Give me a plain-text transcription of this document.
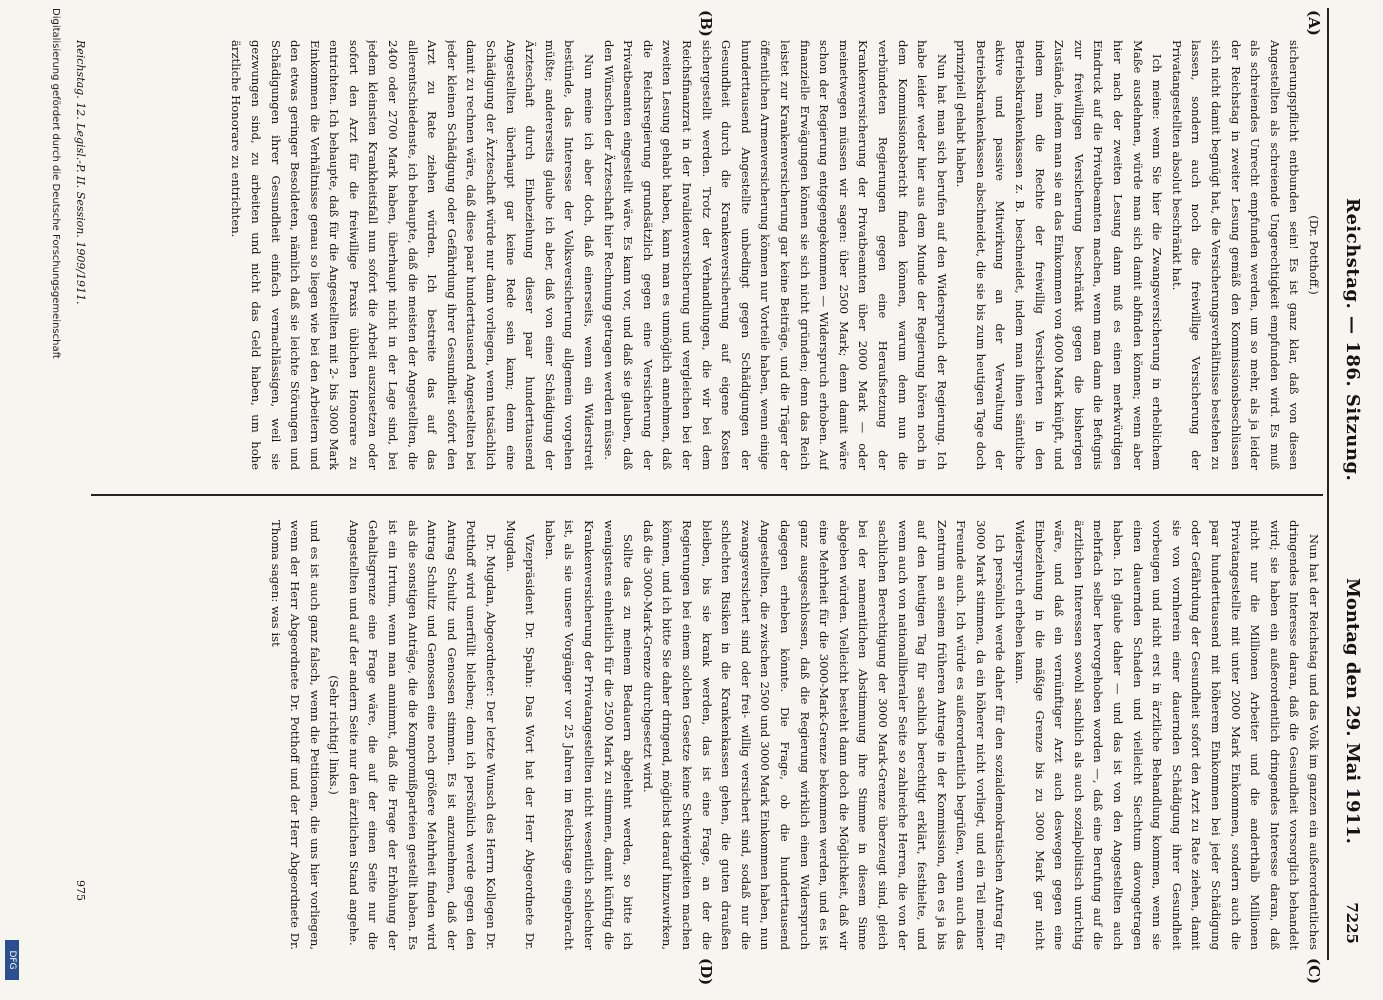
Reichstag. — 186. Sitzung.
Montag den 29. Mai 1911.
7225
(A)
(B)
(C)
(D)

(Dr. Potthoff.)

sicherungspflicht entbunden sein! Es ist ganz klar, daß von diesen Angestellten als schreiende Ungerechtigkeit empfunden wird. Es muß als schreiendes Unrecht empfunden werden, um so mehr, als ja leider der Reichstag in zweiter Lesung gemäß den Kommissionsbeschlüssen sich nicht damit begnügt hat, die Versicherungsverhältnisse bestehen zu lassen, sondern auch noch die freiwillige Versicherung der Privatangestellten absolut beschränkt hat.

Ich meine: wenn Sie hier die Zwangsversicherung in erheblichem Maße ausdehnen, würde man sich damit abfinden können; wenn aber hier nach der zweiten Lesung dann muß es einen merkwürdigen Eindruck auf die Privatbeamten machen, wenn man dann die Befugnis zur freiwilligen Versicherung beschränkt gegen die bisherigen Zustände, indem man sie an das Einkommen von 4000 Mark knüpft, und indem man die Rechte der freiwillig Versicherten in den Betriebskrankenkassen z. B. beschneidet, indem man ihnen sämtliche aktive und passive Mitwirkung an der Verwaltung der Betriebskrankenkassen abschneidet, die sie bis zum heutigen Tage doch prinzipiell gehabt haben.

Nun hat man sich berufen auf den Widerspruch der Regierung. Ich habe leider weder hier aus dem Munde der Regierung hören noch in dem Kommissionsbericht finden können, warum denn nun die verbündeten Regierungen gegen eine Heraufsetzung der Krankenversicherung der Privatbeamten über 2000 Mark — oder meinetwegen müssen wir sagen: über 2500 Mark; denn damit wäre schon der Regierung entgegengekommen — Widerspruch erhoben. Auf finanzielle Erwägungen können sie sich nicht gründen; denn das Reich leistet zur Krankenversicherung gar keine Beiträge, und die Träger der öffentlichen Armenversicherung können nur Vorteile haben, wenn einige hunderttausend Angestellte unbedingt gegen Schädigungen der Gesundheit durch die Krankenversicherung auf eigene Kosten sichergestellt werden. Trotz der Verhandlungen, die wir bei dem Reichsfinanzrat in der Invalidenversicherung und vergleichen bei der zweiten Lesung gehabt haben, kann man es unmöglich annehmen, daß die Reichsregierung grundsätzlich gegen eine Versicherung der Privatbeamten eingestellt wäre. Es kann vor, und daß sie glauben, daß den Wünschen der Ärzteschaft hier Rechnung getragen werden müsse.

Nun meine ich aber doch, daß einerseits, wenn ein Widerstreit bestünde, das Interesse der Volksversicherung allgemein vorgehen müßte; andererseits glaube ich aber, daß von einer Schädigung der Ärzteschaft durch Einbeziehung dieser paar hunderttausend Angestellten überhaupt gar keine Rede sein kann; denn eine Schädigung der Ärzteschaft würde nur dann vorliegen, wenn tatsächlich damit zu rechnen wäre, daß diese paar hunderttausend Angestellten bei jeder kleinen Schädigung oder Gefährdung ihrer Gesundheit sofort den Arzt zu Rate ziehen würden. Ich bestreite das auf das allerentschiedenste, ich behaupte, daß die meisten der Angestellten, die 2400 oder 2700 Mark haben, überhaupt nicht in der Lage sind, bei jedem kleinsten Krankheitsfall nun sofort die Arbeit auszusetzen oder sofort den Arzt für die freiwillige Praxis üblichen Honorare zu entrichten. Ich behaupte, daß für die Angestellten mit 2- bis 3000 Mark Einkommen die Verhältnisse genau so liegen wie bei den Arbeitern und den etwas geringer Besoldeten, nämlich daß sie leichte Störungen und Schädigungen ihrer Gesundheit einfach vernachlässigen, weil sie gezwungen sind, zu arbeiten und nicht das Geld haben, um hohe ärztliche Honorare zu entrichten.

Nun hat der Reichstag und das Volk im ganzen ein außerordentliches dringendes Interesse daran, daß die Gesundheit vorsorglich behandelt wird; sie haben ein außerordentlich dringendes Interesse daran, daß nicht nur die Millionen Arbeiter und die anderthalb Millionen Privatangestellte mit unter 2000 Mark Einkommen, sondern auch die paar hunderttausend mit höherem Einkommen bei jeder Schädigung oder Gefährdung der Gesundheit sofort den Arzt zu Rate ziehen, damit sie von vornherein einer dauernden Schädigung ihrer Gesundheit vorbeugen und nicht erst in ärztliche Behandlung kommen, wenn sie einen dauernden Schaden und vielleicht Siechtum davongetragen haben. Ich glaube daher — und das ist von den Angestellten auch mehrfach selber hervorgehoben worden —, daß eine Berufung auf die ärztlichen Interessen sowohl sachlich als auch sozialpolitisch unrichtig wäre, und daß ein vernünftiger Arzt auch deswegen gegen eine Einbeziehung in die mäßige Grenze bis zu 3000 Mark gar nicht Widerspruch erheben kann.

Ich persönlich werde daher für den sozialdemokratischen Antrag für 3000 Mark stimmen, da ein höherer nicht vorliegt, und ein Teil meiner Freunde auch. Ich würde es außerordentlich begrüßen, wenn auch das Zentrum an seinem früheren Antrage in der Kommission, den es ja bis auf den heutigen Tag für sachlich berechtigt erklärt, festhielte, und wenn auch von nationalliberaler Seite so zahlreiche Herren, die von der sachlichen Berechtigung der 3000 Mark-Grenze überzeugt sind, gleich bei der namentlichen Abstimmung ihre Stimme in diesem Sinne abgeben würden. Vielleicht besteht dann doch die Möglichkeit, daß wir eine Mehrheit für die 3000-Mark-Grenze bekommen werden, und es ist ganz ausgeschlossen, daß die Regierung wirklich einen Widerspruch dagegen erheben könnte. Die Frage, ob die hunderttausend Angestellten, die zwischen 2500 und 3000 Mark Einkommen haben, nun zwangsversichert sind oder frei- willig versichert sind, sodaß nur die schlechten Risiken in die Krankenkassen gehen, die guten draußen bleiben, bis sie krank werden, das ist eine Frage, an der die Regierungen bei einem solchen Gesetze keine Schwierigkeiten machen können, und ich bitte Sie daher dringend, möglichst darauf hinzuwirken, daß die 3000-Mark-Grenze durchgesetzt wird.

Sollte das zu meinem Bedauern abgelehnt werden, so bitte ich wenigstens einheitlich für die 2500 Mark zu stimmen, damit künftig die Krankenversicherung der Privatangestellten nicht wesentlich schlechter ist, als sie unsere Vorgänger vor 25 Jahren im Reichstage eingebracht haben.

Vizepräsident Dr. Spahn: Das Wort hat der Herr Abgeordnete Dr. Mugdan.

Dr. Mugdan, Abgeordneter: Der letzte Wunsch des Herrn Kollegen Dr. Potthoff wird unerfüllt bleiben; denn ich persönlich werde gegen den Antrag Schultz und Genossen stimmen. Es ist anzunehmen, daß der Antrag Schultz und Genossen eine noch größere Mehrheit finden wird als die sonstigen Anträge, die die Kompromißparteien gestellt haben. Es ist ein Irrtum, wenn man annimmt, daß die Frage der Erhöhung der Gehaltsgrenze eine Frage wäre, die auf der einen Seite nur die Angestellten und auf der andern Seite nur den ärztlichen Stand angehe.

(Sehr richtig! links.)

und es ist auch ganz falsch, wenn die Petitionen, die uns hier vorliegen, wenn der Herr Abgeordnete Dr. Potthoff und der Herr Abgeordnete Dr. Thoma sagen: was ist

Reichstag. 12. Legisl.-P. II. Session. 1909/1911.
975
Digitalisierung gefördert durch die Deutsche Forschungsgemeinschaft
DFG
